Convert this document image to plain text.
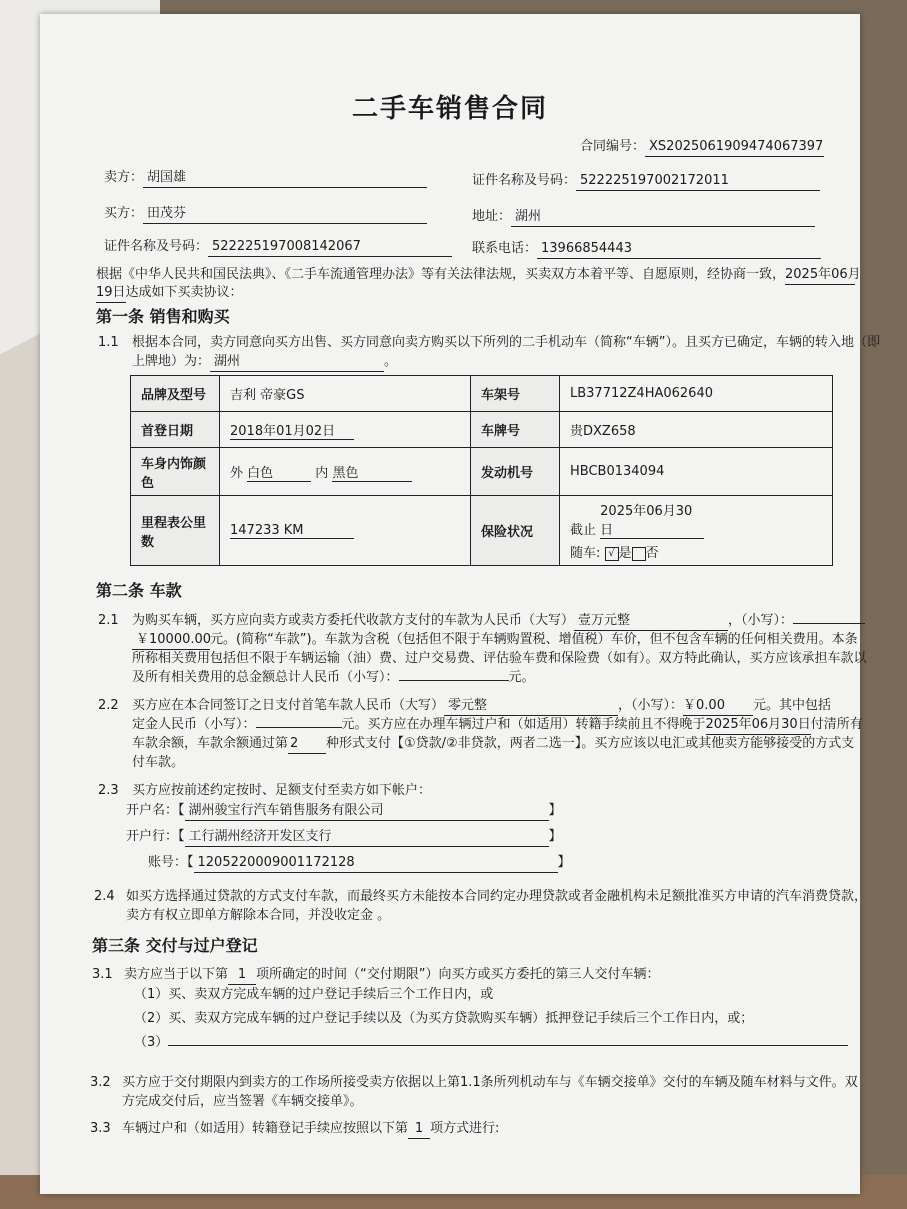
二手车销售合同
合同编号： XS2025061909474067397
卖方： 胡国雄	证件名称及号码： 522225197002172011
买方： 田茂芬	地址： 湖州
证件名称及号码： 522225197008142067	联系电话： 13966854443
根据《中华人民共和国民法典》、《二手车流通管理办法》等有关法律法规，买卖双方本着平等、自愿原则，经协商一致，2025年06月
19日达成如下买卖协议：
第一条 销售和购买
1.1 根据本合同，卖方同意向买方出售、买方同意向卖方购买以下所列的二手机动车（简称“车辆”）。且买方已确定，车辆的转入地（即
上牌地）为： 湖州	。
品牌及型号	吉利 帝豪GS	车架号	LB37712Z4HA062640
首登日期	2018年01月02日	车牌号	贵DXZ658
车身内饰颜色	外 白色 内 黑色	发动机号	HBCB0134094
里程表公里数	147233 KM	保险状况	截止 2025年06月30日
随车: √ 是 否
第二条 车款
2.1 为购买车辆，买方应向卖方或卖方委托代收款方支付的车款为人民币（大写） 壹万元整	，（小写）：
￥10000.00元。(简称“车款”)。车款为含税（包括但不限于车辆购置税、增值税）车价，但不包含车辆的任何相关费用。本条
所称相关费用包括但不限于车辆运输（油）费、过户交易费、评估验车费和保险费（如有）。双方特此确认，买方应该承担车款以
及所有相关费用的总金额总计人民币（小写）：	元。
2.2 买方应在本合同签订之日支付首笔车款人民币（大写） 零元整	，（小写）：￥0.00 元。其中包括
定金人民币（小写）：	元。买方应在办理车辆过户和（如适用）转籍手续前且不得晚于2025年06月30日付清所有
车款余额，车款余额通过第 2 种形式支付【①贷款/②非贷款，两者二选一】。买方应该以电汇或其他卖方能够接受的方式支
付车款。
2.3 买方应按前述约定按时、足额支付至卖方如下帐户：
开户名：【 湖州骏宝行汽车销售服务有限公司	】
开户行：【 工行湖州经济开发区支行	】
账号：【 1205220009001172128	】
2.4 如买方选择通过贷款的方式支付车款，而最终买方未能按本合同约定办理贷款或者金融机构未足额批准买方申请的汽车消费贷款，
卖方有权立即单方解除本合同，并没收定金 。
第三条 交付与过户登记
3.1 卖方应当于以下第 1 项所确定的时间（“交付期限”）向买方或买方委托的第三人交付车辆：
（1）买、卖双方完成车辆的过户登记手续后三个工作日内，或
（2）买、卖双方完成车辆的过户登记手续以及（为买方贷款购买车辆）抵押登记手续后三个工作日内，或；
（3）
3.2 买方应于交付期限内到卖方的工作场所接受卖方依据以上第1.1条所列机动车与《车辆交接单》交付的车辆及随车材料与文件。双
方完成交付后，应当签署《车辆交接单》。
3.3 车辆过户和（如适用）转籍登记手续应按照以下第 1 项方式进行:
